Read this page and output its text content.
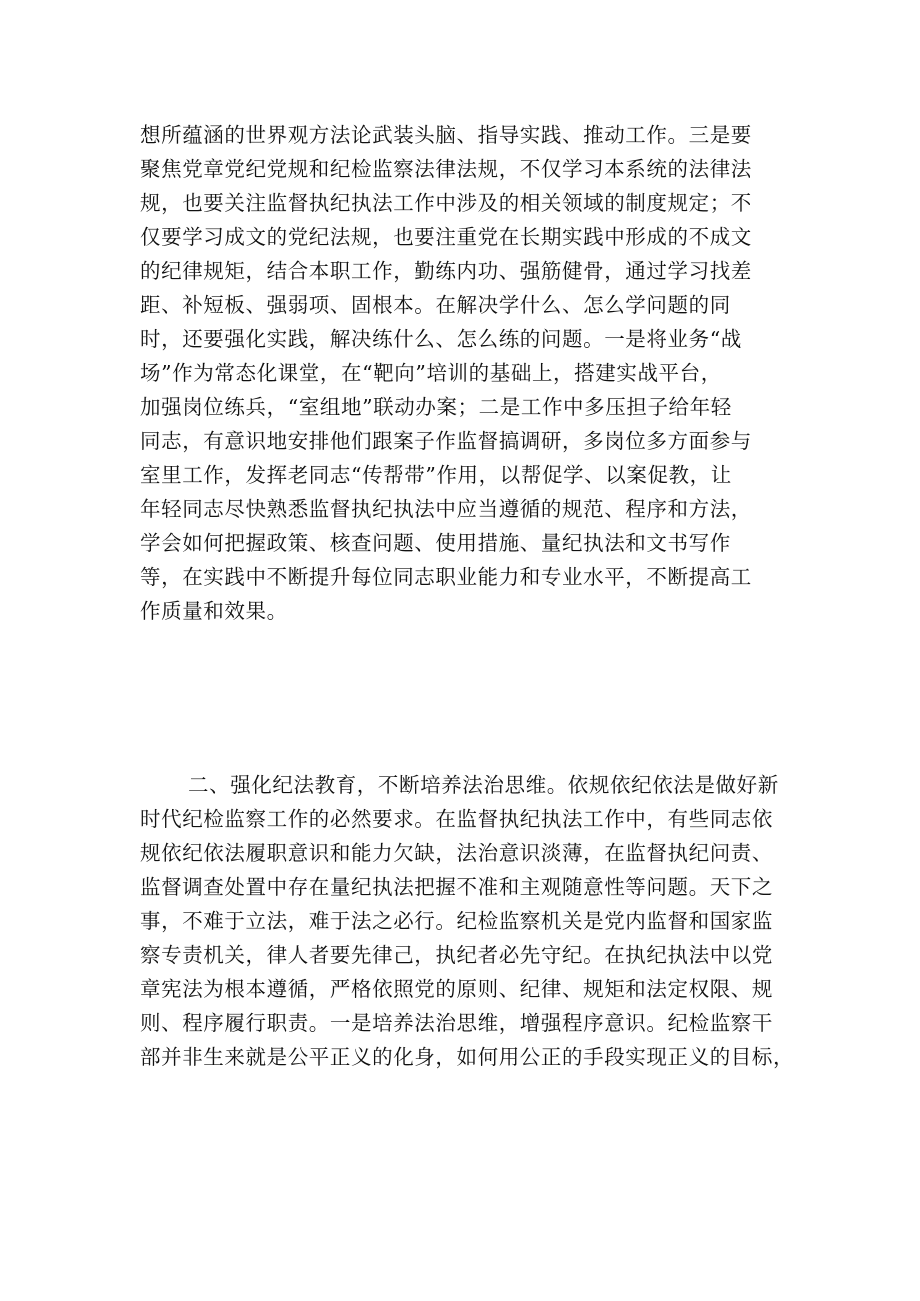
想所蕴涵的世界观方法论武装头脑、指导实践、推动工作。三是要
聚焦党章党纪党规和纪检监察法律法规，不仅学习本系统的法律法
规，也要关注监督执纪执法工作中涉及的相关领域的制度规定；不
仅要学习成文的党纪法规，也要注重党在长期实践中形成的不成文
的纪律规矩，结合本职工作，勤练内功、强筋健骨，通过学习找差
距、补短板、强弱项、固根本。在解决学什么、怎么学问题的同
时，还要强化实践，解决练什么、怎么练的问题。一是将业务“战
场”作为常态化课堂，在“靶向”培训的基础上，搭建实战平台，
加强岗位练兵，“室组地”联动办案；二是工作中多压担子给年轻
同志，有意识地安排他们跟案子作监督搞调研，多岗位多方面参与
室里工作，发挥老同志“传帮带”作用，以帮促学、以案促教，让
年轻同志尽快熟悉监督执纪执法中应当遵循的规范、程序和方法，
学会如何把握政策、核查问题、使用措施、量纪执法和文书写作
等，在实践中不断提升每位同志职业能力和专业水平，不断提高工
作质量和效果。
二、强化纪法教育，不断培养法治思维。依规依纪依法是做好新
时代纪检监察工作的必然要求。在监督执纪执法工作中，有些同志依
规依纪依法履职意识和能力欠缺，法治意识淡薄，在监督执纪问责、
监督调查处置中存在量纪执法把握不准和主观随意性等问题。天下之
事，不难于立法，难于法之必行。纪检监察机关是党内监督和国家监
察专责机关，律人者要先律己，执纪者必先守纪。在执纪执法中以党
章宪法为根本遵循，严格依照党的原则、纪律、规矩和法定权限、规
则、程序履行职责。一是培养法治思维，增强程序意识。纪检监察干
部并非生来就是公平正义的化身，如何用公正的手段实现正义的目标，
